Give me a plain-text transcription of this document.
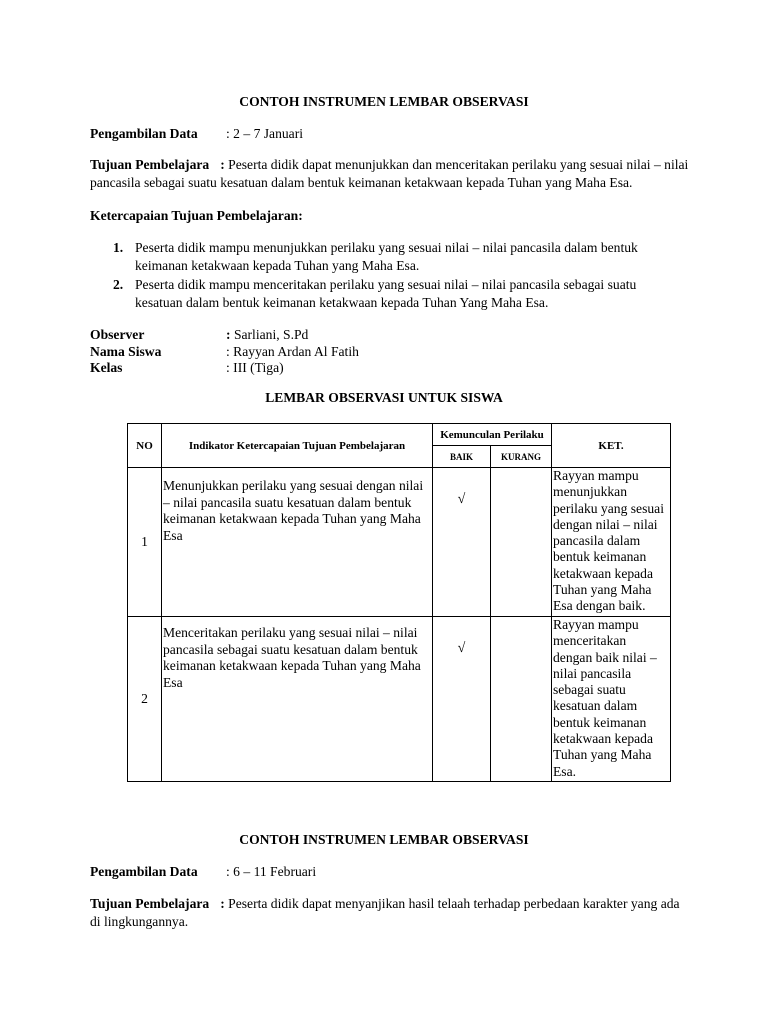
CONTOH INSTRUMEN LEMBAR OBSERVASI
Pengambilan Data : 2 – 7 Januari
Tujuan Pembelajara : Peserta didik dapat menunjukkan dan menceritakan perilaku yang sesuai nilai – nilai pancasila sebagai suatu kesatuan dalam bentuk keimanan ketakwaan kepada Tuhan yang Maha Esa.
Ketercapaian Tujuan Pembelajaran:
1. Peserta didik mampu menunjukkan perilaku yang sesuai nilai – nilai pancasila dalam bentuk
keimanan ketakwaan kepada Tuhan yang Maha Esa.
2. Peserta didik mampu menceritakan perilaku yang sesuai nilai – nilai pancasila sebagai suatu
kesatuan dalam bentuk keimanan ketakwaan kepada Tuhan Yang Maha Esa.
Observer	: Sarliani, S.Pd
Nama Siswa	: Rayyan Ardan Al Fatih
Kelas	: III (Tiga)
LEMBAR OBSERVASI UNTUK SISWA
NO	Indikator Ketercapaian Tujuan Pembelajaran	Kemunculan Perilaku		KET.
		BAIK	KURANG	
1	Menunjukkan perilaku yang sesuai dengan nilai – nilai pancasila suatu kesatuan dalam bentuk keimanan ketakwaan kepada Tuhan yang Maha Esa	√		Rayyan mampu menunjukkan perilaku yang sesuai dengan nilai – nilai pancasila dalam bentuk keimanan ketakwaan kepada Tuhan yang Maha Esa dengan baik.
2	Menceritakan perilaku yang sesuai nilai – nilai pancasila sebagai suatu kesatuan dalam bentuk keimanan ketakwaan kepada Tuhan yang Maha Esa	√		Rayyan mampu menceritakan dengan baik nilai – nilai pancasila sebagai suatu kesatuan dalam bentuk keimanan ketakwaan kepada Tuhan yang Maha Esa.
CONTOH INSTRUMEN LEMBAR OBSERVASI
Pengambilan Data : 6 – 11 Februari
Tujuan Pembelajara : Peserta didik dapat menyanjikan hasil telaah terhadap perbedaan karakter yang ada di lingkungannya.
